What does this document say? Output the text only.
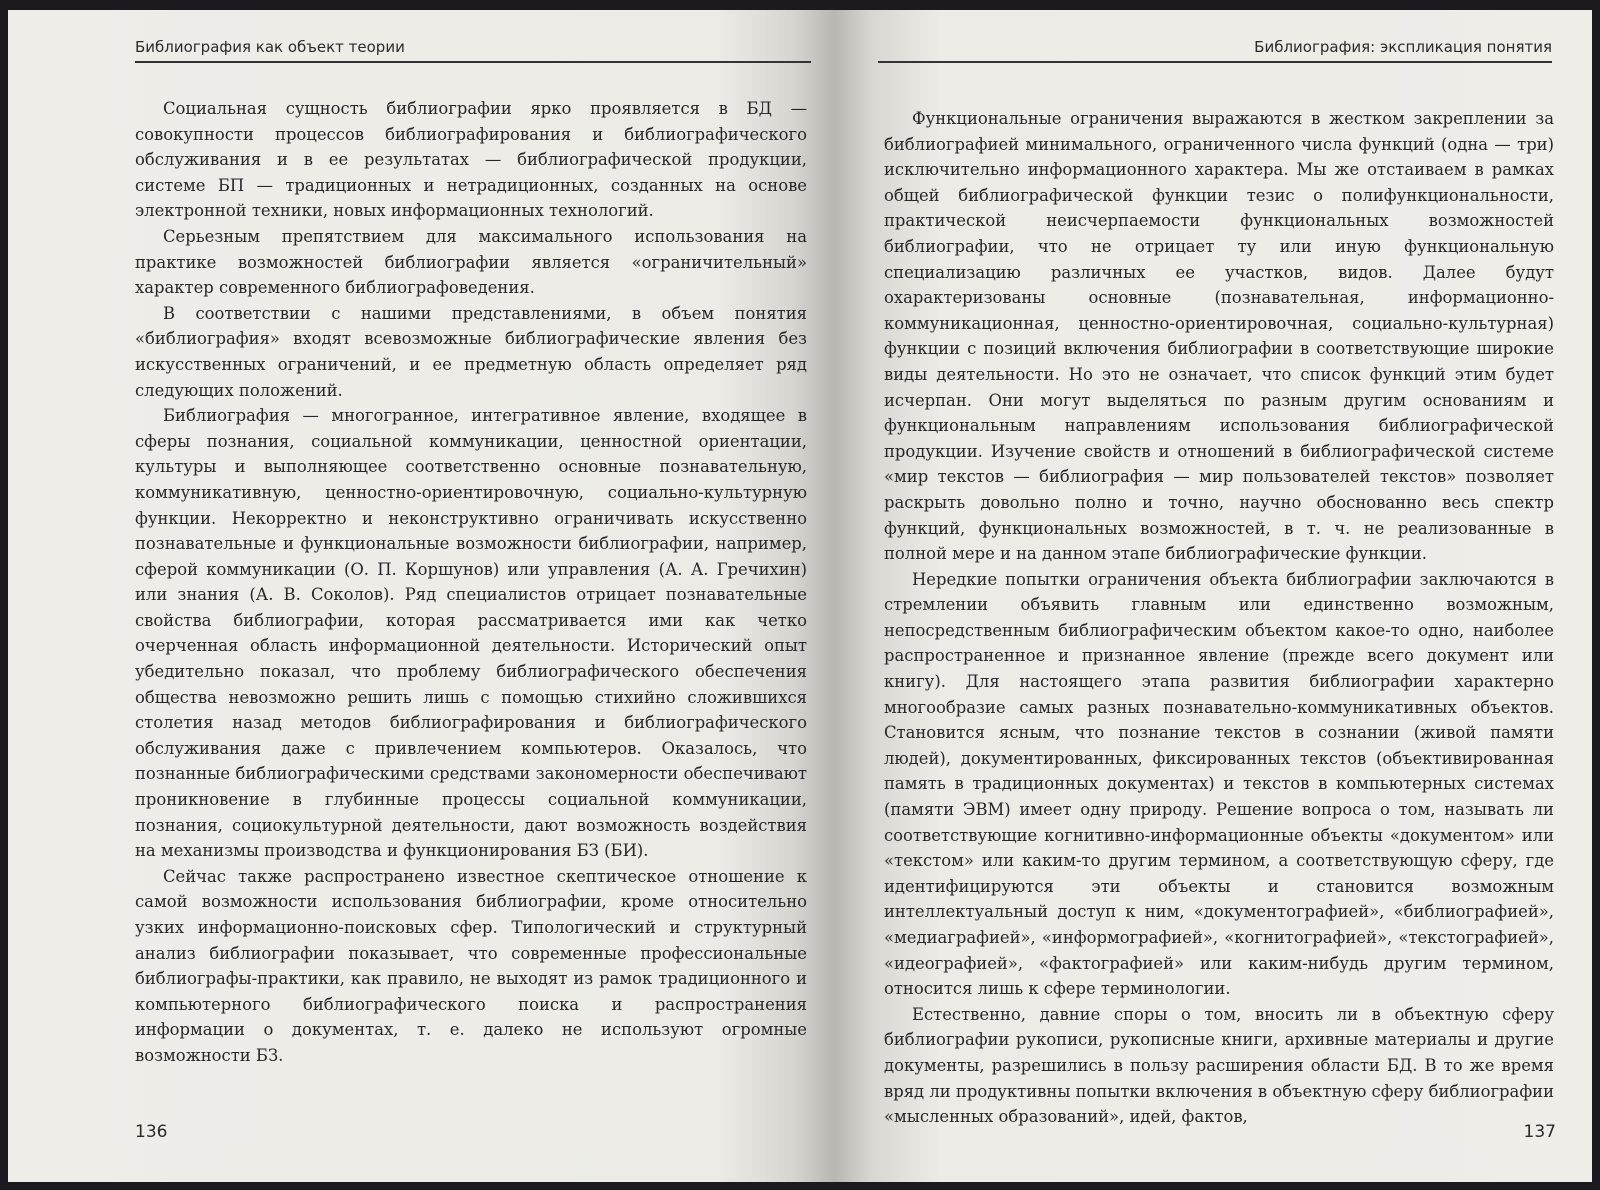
Библиография как объект теории

Социальная сущность библиографии ярко проявляется в БД — совокупности процессов библиографирования и библиографического обслуживания и в ее результатах — библиографической продукции, системе БП — традиционных и нетрадиционных, созданных на основе электронной техники, новых информационных технологий.

Серьезным препятствием для максимального использования на практике возможностей библиографии является «ограничительный» характер современного библиографоведения.

В соответствии с нашими представлениями, в объем понятия «библиография» входят всевозможные библиографические явления без искусственных ограничений, и ее предметную область определяет ряд следующих положений.

Библиография — многогранное, интегративное явление, входящее в сферы познания, социальной коммуникации, ценностной ориентации, культуры и выполняющее соответственно основные познавательную, коммуникативную, ценностно-ориентировочную, социально-культурную функции. Некорректно и неконструктивно ограничивать искусственно познавательные и функциональные возможности библиографии, например, сферой коммуникации (О. П. Коршунов) или управления (А. А. Гречихин) или знания (А. В. Соколов). Ряд специалистов отрицает познавательные свойства библиографии, которая рассматривается ими как четко очерченная область информационной деятельности. Исторический опыт убедительно показал, что проблему библиографического обеспечения общества невозможно решить лишь с помощью стихийно сложившихся столетия назад методов библиографирования и библиографического обслуживания даже с привлечением компьютеров. Оказалось, что познанные библиографическими средствами закономерности обеспечивают проникновение в глубинные процессы социальной коммуникации, познания, социокультурной деятельности, дают возможность воздействия на механизмы производства и функционирования БЗ (БИ).

Сейчас также распространено известное скептическое отношение к самой возможности использования библиографии, кроме относительно узких информационно-поисковых сфер. Типологический и структурный анализ библиографии показывает, что современные профессиональные библиографы-практики, как правило, не выходят из рамок традиционного и компьютерного библиографического поиска и распространения информации о документах, т. е. далеко не используют огромные возможности БЗ.

136
Библиография: экспликация понятия

Функциональные ограничения выражаются в жестком закреплении за библиографией минимального, ограниченного числа функций (одна — три) исключительно информационного характера. Мы же отстаиваем в рамках общей библиографической функции тезис о полифункциональности, практической неисчерпаемости функциональных возможностей библиографии, что не отрицает ту или иную функциональную специализацию различных ее участков, видов. Далее будут охарактеризованы основные (познавательная, информационно-коммуникационная, ценностно-ориентировочная, социально-культурная) функции с позиций включения библиографии в соответствующие широкие виды деятельности. Но это не означает, что список функций этим будет исчерпан. Они могут выделяться по разным другим основаниям и функциональным направлениям использования библиографической продукции. Изучение свойств и отношений в библиографической системе «мир текстов — библиография — мир пользователей текстов» позволяет раскрыть довольно полно и точно, научно обоснованно весь спектр функций, функциональных возможностей, в т. ч. не реализованные в полной мере и на данном этапе библиографические функции.

Нередкие попытки ограничения объекта библиографии заключаются в стремлении объявить главным или единственно возможным, непосредственным библиографическим объектом какое-то одно, наиболее распространенное и признанное явление (прежде всего документ или книгу). Для настоящего этапа развития библиографии характерно многообразие самых разных познавательно-коммуникативных объектов. Становится ясным, что познание текстов в сознании (живой памяти людей), документированных, фиксированных текстов (объективированная память в традиционных документах) и текстов в компьютерных системах (памяти ЭВМ) имеет одну природу. Решение вопроса о том, называть ли соответствующие когнитивно-информационные объекты «документом» или «текстом» или каким-то другим термином, а соответствующую сферу, где идентифицируются эти объекты и становится возможным интеллектуальный доступ к ним, «документографией», «библиографией», «медиаграфией», «информографией», «когнитографией», «текстографией», «идеографией», «фактографией» или каким-нибудь другим термином, относится лишь к сфере терминологии.

Естественно, давние споры о том, вносить ли в объектную сферу библиографии рукописи, рукописные книги, архивные материалы и другие документы, разрешились в пользу расширения области БД. В то же время вряд ли продуктивны попытки включения в объектную сферу библиографии «мысленных образований», идей, фактов,

137
